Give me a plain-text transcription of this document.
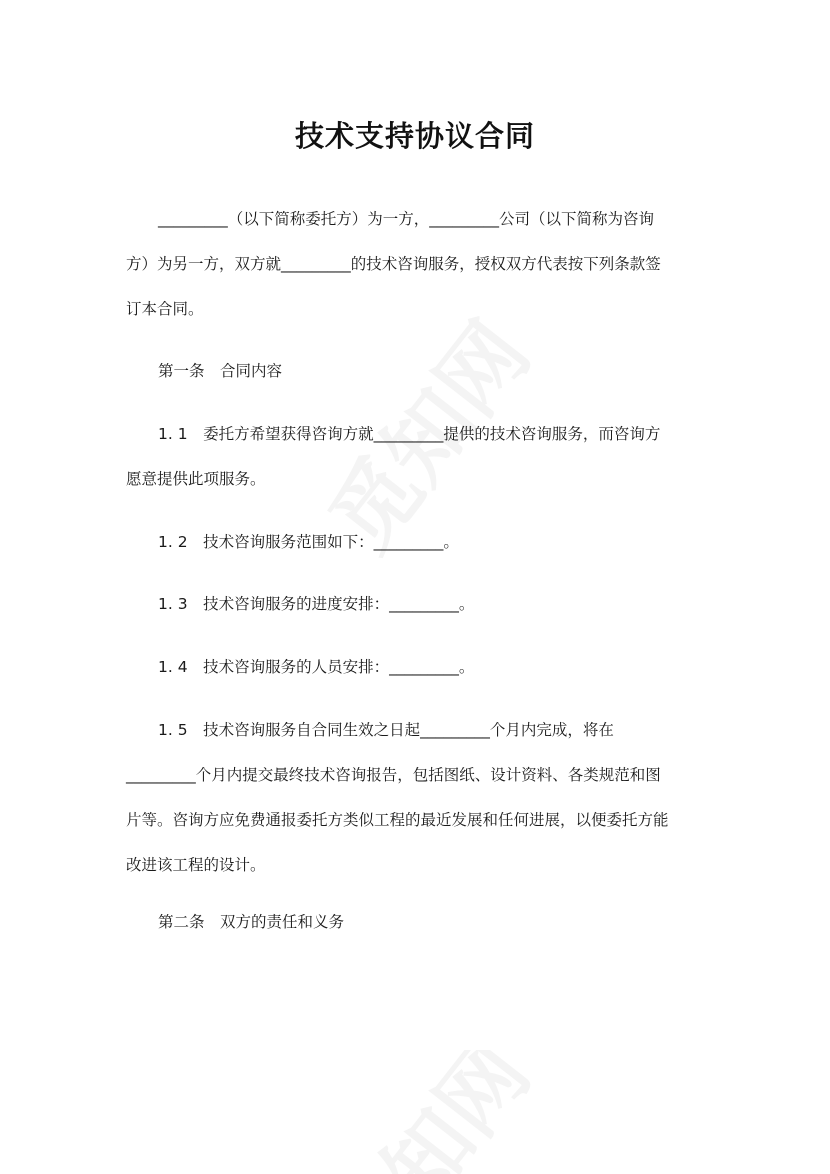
技术支持协议合同
_________（以下简称委托方）为一方，_________公司（以下简称为咨询
方）为另一方，双方就_________的技术咨询服务，授权双方代表按下列条款签
订本合同。
第一条　合同内容
1. 1　委托方希望获得咨询方就_________提供的技术咨询服务，而咨询方
愿意提供此项服务。
1. 2　技术咨询服务范围如下：_________。
1. 3　技术咨询服务的进度安排：_________。
1. 4　技术咨询服务的人员安排：_________。
1. 5　技术咨询服务自合同生效之日起_________个月内完成，将在
_________个月内提交最终技术咨询报告，包括图纸、设计资料、各类规范和图
片等。咨询方应免费通报委托方类似工程的最近发展和任何进展，以便委托方能
改进该工程的设计。
第二条　双方的责任和义务
